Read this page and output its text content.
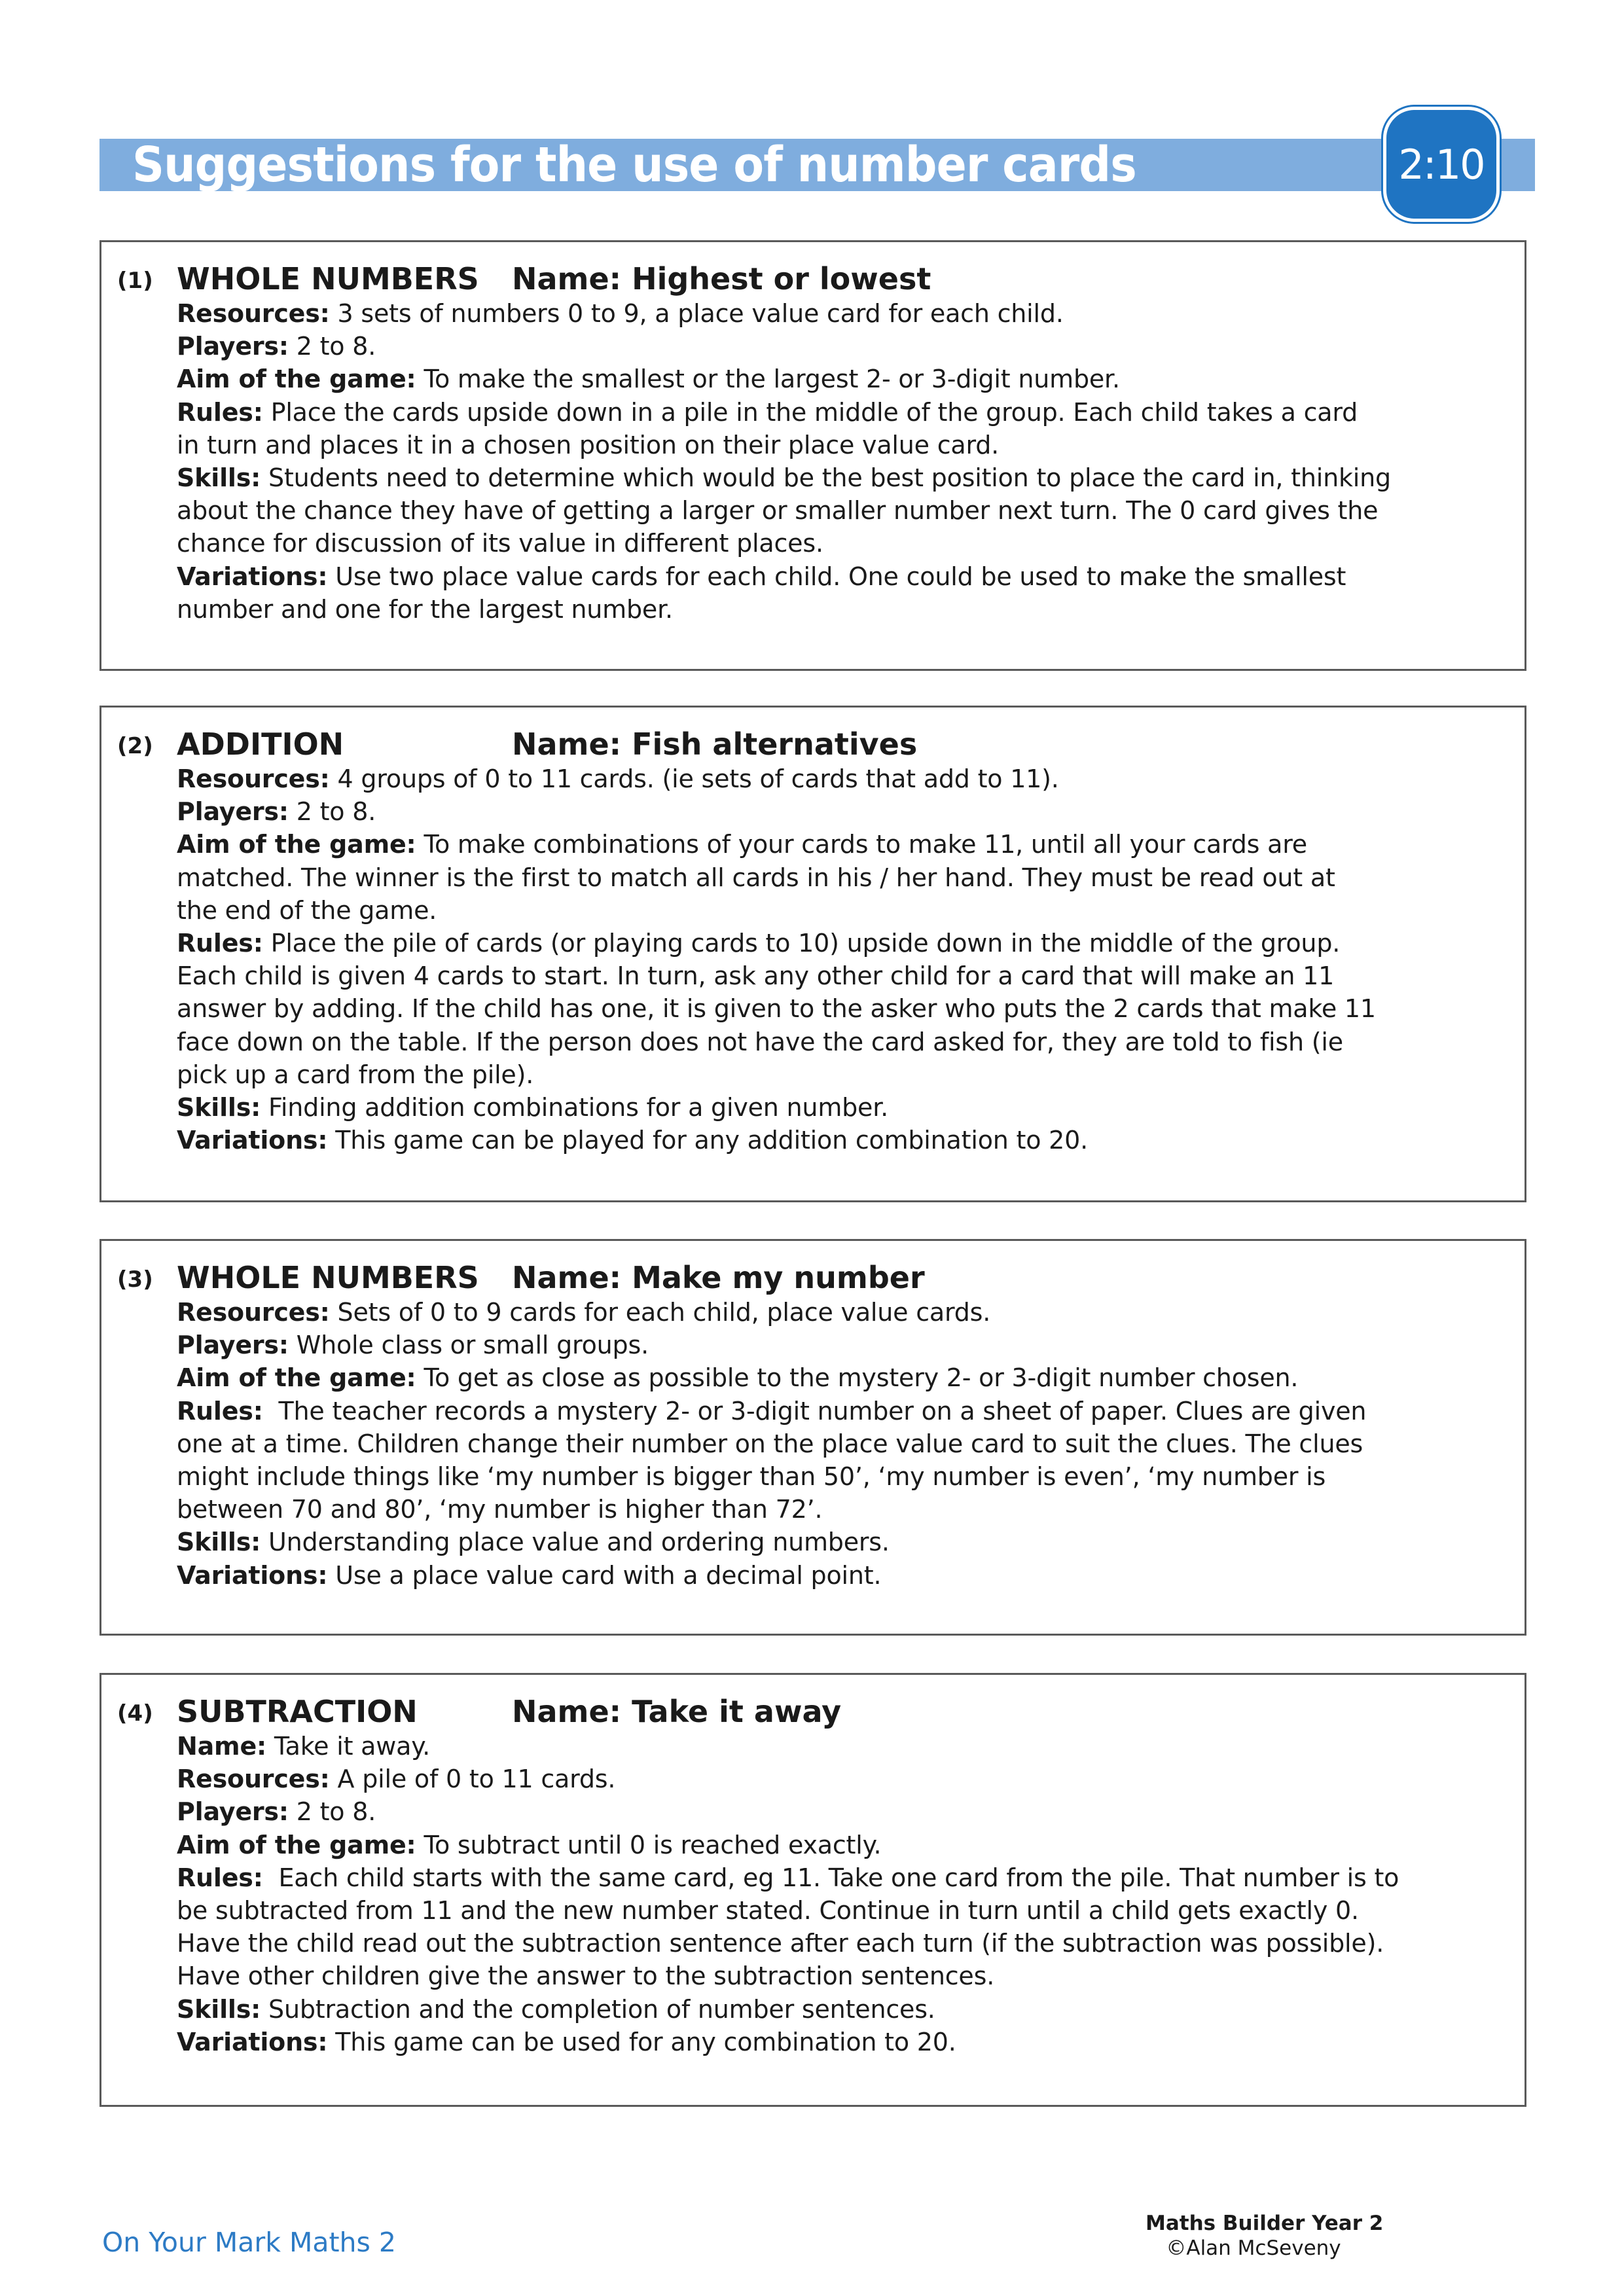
Suggestions for the use of number cards	2:10
(1) WHOLE NUMBERS Name: Highest or lowest
Resources: 3 sets of numbers 0 to 9, a place value card for each child.
Players: 2 to 8.
Aim of the game: To make the smallest or the largest 2- or 3-digit number.
Rules: Place the cards upside down in a pile in the middle of the group. Each child takes a card
in turn and places it in a chosen position on their place value card.
Skills: Students need to determine which would be the best position to place the card in, thinking
about the chance they have of getting a larger or smaller number next turn. The 0 card gives the
chance for discussion of its value in different places.
Variations: Use two place value cards for each child. One could be used to make the smallest
number and one for the largest number.
(2) ADDITION	Name: Fish alternatives
Resources: 4 groups of 0 to 11 cards. (ie sets of cards that add to 11).
Players: 2 to 8.
Aim of the game: To make combinations of your cards to make 11, until all your cards are
matched. The winner is the first to match all cards in his / her hand. They must be read out at
the end of the game.
Rules: Place the pile of cards (or playing cards to 10) upside down in the middle of the group.
Each child is given 4 cards to start. In turn, ask any other child for a card that will make an 11
answer by adding. If the child has one, it is given to the asker who puts the 2 cards that make 11
face down on the table. If the person does not have the card asked for, they are told to fish (ie
pick up a card from the pile).
Skills: Finding addition combinations for a given number.
Variations: This game can be played for any addition combination to 20.
(3) WHOLE NUMBERS Name: Make my number
Resources: Sets of 0 to 9 cards for each child, place value cards.
Players: Whole class or small groups.
Aim of the game: To get as close as possible to the mystery 2- or 3-digit number chosen.
Rules:  The teacher records a mystery 2- or 3-digit number on a sheet of paper. Clues are given
one at a time. Children change their number on the place value card to suit the clues. The clues
might include things like ‘my number is bigger than 50’, ‘my number is even’, ‘my number is
between 70 and 80’, ‘my number is higher than 72’.
Skills: Understanding place value and ordering numbers.
Variations: Use a place value card with a decimal point.
(4) SUBTRACTION	Name: Take it away
Name: Take it away.
Resources: A pile of 0 to 11 cards.
Players: 2 to 8.
Aim of the game: To subtract until 0 is reached exactly.
Rules:  Each child starts with the same card, eg 11. Take one card from the pile. That number is to
be subtracted from 11 and the new number stated. Continue in turn until a child gets exactly 0.
Have the child read out the subtraction sentence after each turn (if the subtraction was possible).
Have other children give the answer to the subtraction sentences.
Skills: Subtraction and the completion of number sentences.
Variations: This game can be used for any combination to 20.
On Your Mark Maths 2
Maths Builder Year 2
©Alan McSeveny
